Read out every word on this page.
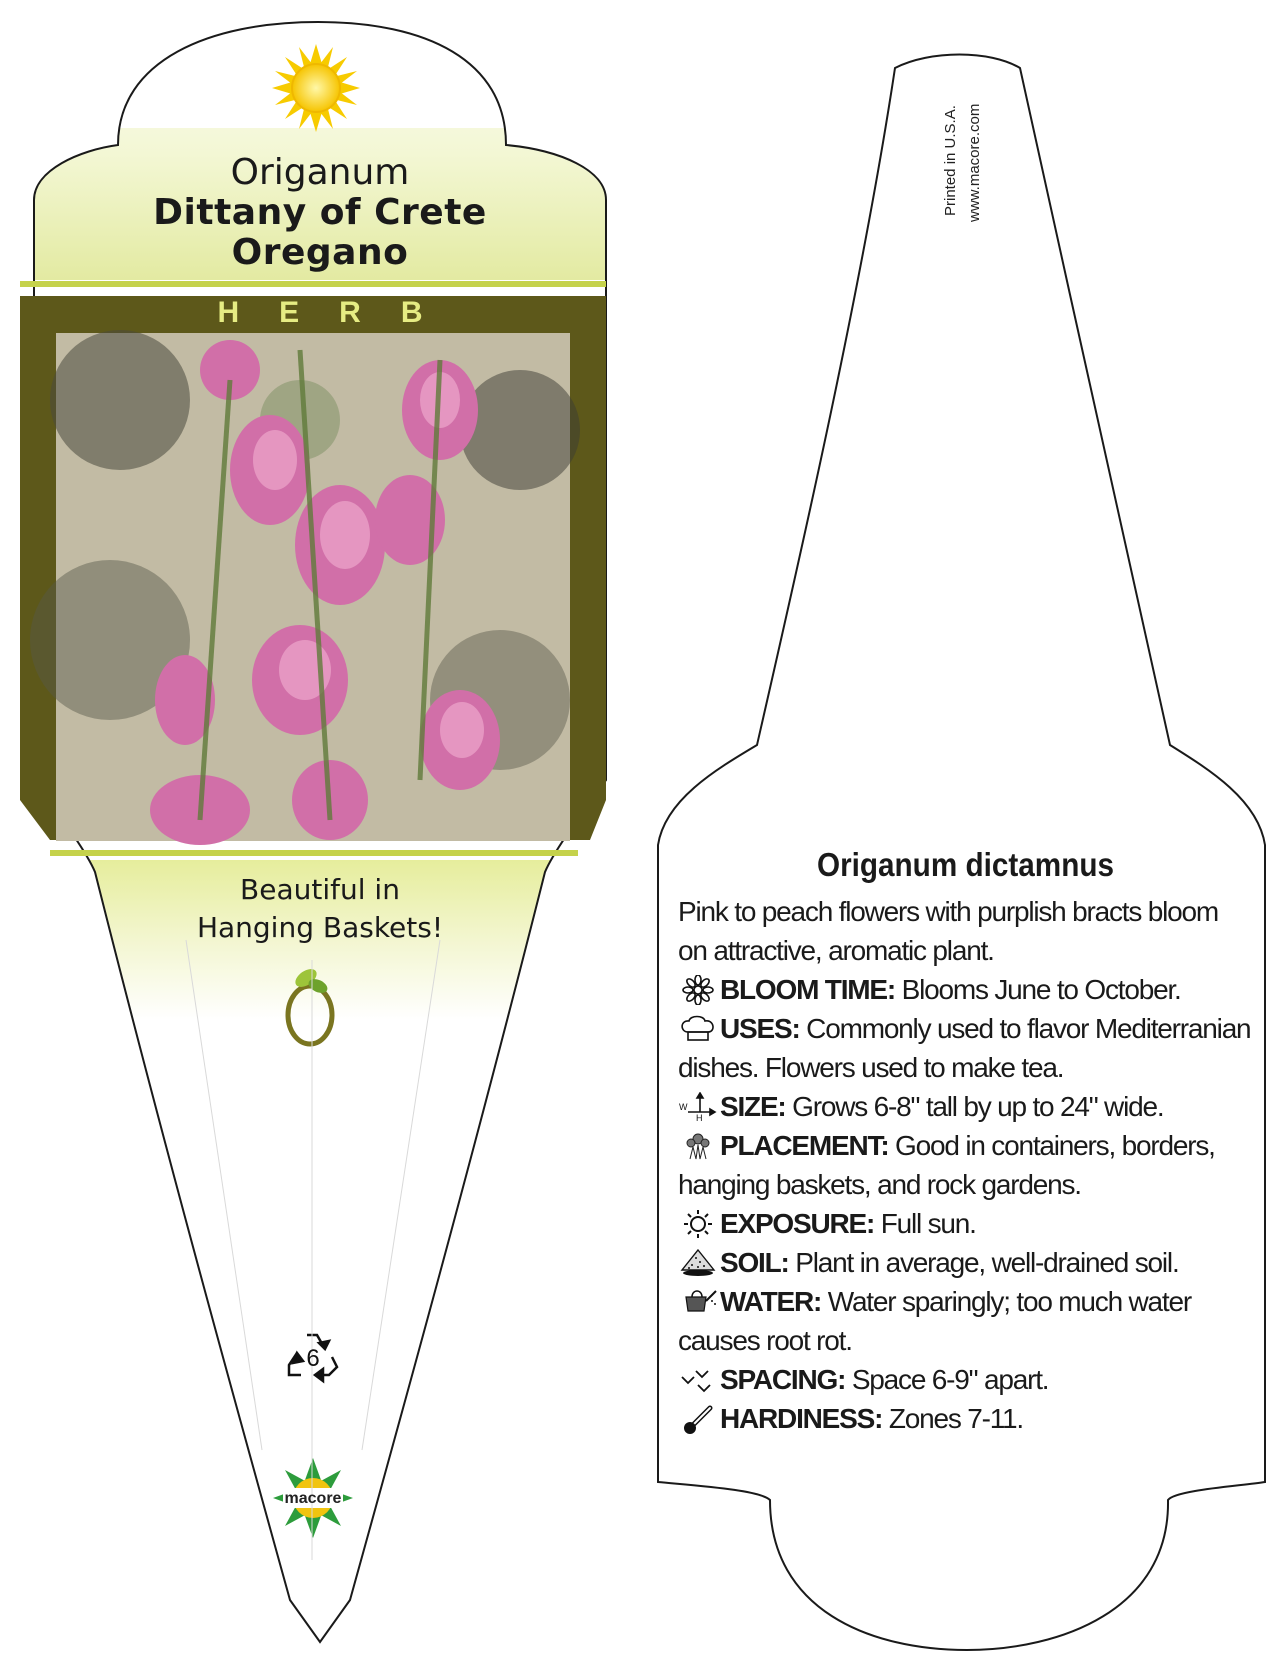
Origanum
Dittany of Crete
Oregano
HERB
Beautiful in
Hanging Baskets!
6
macore
Printed in U.S.A. www.macore.com
Origanum dictamnus
Pink to peach flowers with purplish bracts bloom on attractive, aromatic plant.
BLOOM TIME: Blooms June to October.
USES: Commonly used to flavor Mediterranian dishes. Flowers used to make tea.
W
H SIZE: Grows 6-8" tall by up to 24" wide.
PLACEMENT: Good in containers, borders, hanging baskets, and rock gardens.
EXPOSURE: Full sun.
SOIL: Plant in average, well-drained soil.
WATER: Water sparingly; too much water causes root rot.
SPACING: Space 6-9" apart.
HARDINESS: Zones 7-11.
